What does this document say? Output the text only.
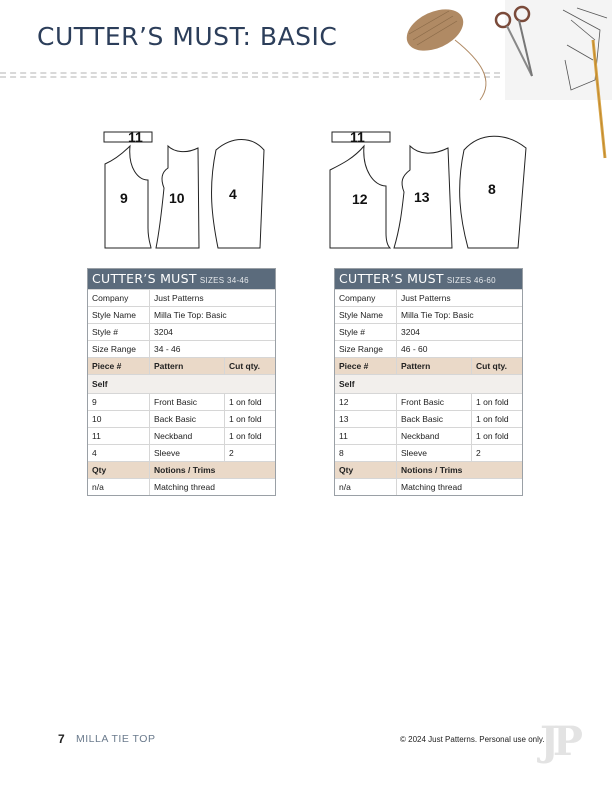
CUTTER’S MUST: BASIC
11
9	10	4
11
12	13	8
CUTTER’S MUST SIZES 34-46
Company	Just Patterns
Style Name	Milla Tie Top: Basic
Style #	3204
Size Range	34 - 46
Piece #	Pattern	Cut qty.
Self
9	Front Basic	1 on fold
10	Back Basic	1 on fold
11	Neckband	1 on fold
4	Sleeve	2
Qty	Notions / Trims
n/a	Matching thread
CUTTER’S MUST SIZES 46-60
Company	Just Patterns
Style Name	Milla Tie Top: Basic
Style #	3204
Size Range	46 - 60
Piece #	Pattern	Cut qty.
Self
12	Front Basic	1 on fold
13	Back Basic	1 on fold
11	Neckband	1 on fold
8	Sleeve	2
Qty	Notions / Trims
n/a	Matching thread
7 MILLA TIE TOP	© 2024 Just Patterns. Personal use only.
JP
